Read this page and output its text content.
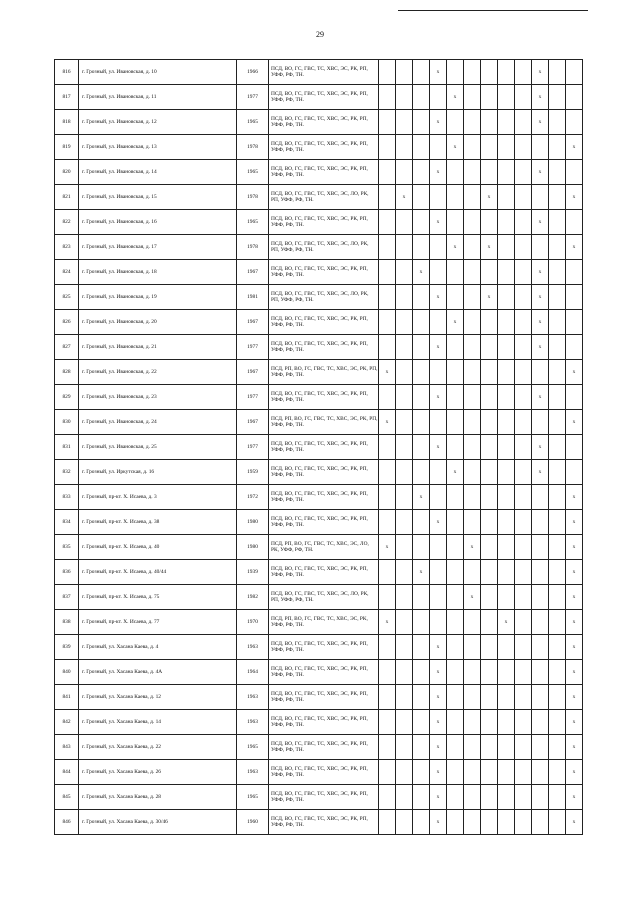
29
816	г. Грозный, ул. Ивановская, д. 10	1966	ПСД, ВО, ГС, ГВС, ТС, ХВС, ЭС, РК, РП, УФФ, РФ, ТН.				x						x		
817	г. Грозный, ул. Ивановская, д. 11	1977	ПСД, ВО, ГС, ГВС, ТС, ХВС, ЭС, РК, РП, УФФ, РФ, ТН.					x					x		
818	г. Грозный, ул. Ивановская, д. 12	1965	ПСД, ВО, ГС, ГВС, ТС, ХВС, ЭС, РК, РП, УФФ, РФ, ТН.				x						x		
819	г. Грозный, ул. Ивановская, д. 13	1978	ПСД, ВО, ГС, ГВС, ТС, ХВС, ЭС, РК, РП, УФФ, РФ, ТН.					x							x
820	г. Грозный, ул. Ивановская, д. 14	1965	ПСД, ВО, ГС, ГВС, ТС, ХВС, ЭС, РК, РП, УФФ, РФ, ТН.				x						x		
821	г. Грозный, ул. Ивановская, д. 15	1978	ПСД, ВО, ГС, ГВС, ТС, ХВС, ЭС, ЛО, РК, РП, УФФ, РФ, ТН.		x					x					x
822	г. Грозный, ул. Ивановская, д. 16	1965	ПСД, ВО, ГС, ГВС, ТС, ХВС, ЭС, РК, РП, УФФ, РФ, ТН.				x						x		
823	г. Грозный, ул. Ивановская, д. 17	1978	ПСД, ВО, ГС, ГВС, ТС, ХВС, ЭС, ЛО, РК, РП, УФФ, РФ, ТН.					x		x					x
824	г. Грозный, ул. Ивановская, д. 18	1967	ПСД, ВО, ГС, ГВС, ТС, ХВС, ЭС, РК, РП, УФФ, РФ, ТН.			x							x		
825	г. Грозный, ул. Ивановская, д. 19	1981	ПСД, ВО, ГС, ГВС, ТС, ХВС, ЭС, ЛО, РК, РП, УФФ, РФ, ТН.				x			x			x		
826	г. Грозный, ул. Ивановская, д. 20	1967	ПСД, ВО, ГС, ГВС, ТС, ХВС, ЭС, РК, РП, УФФ, РФ, ТН.					x					x		
827	г. Грозный, ул. Ивановская, д. 21	1977	ПСД, ВО, ГС, ГВС, ТС, ХВС, ЭС, РК, РП, УФФ, РФ, ТН.				x						x		
828	г. Грозный, ул. Ивановская, д. 22	1967	ПСД, РП, ВО, ГС, ГВС, ТС, ХВС, ЭС, РК, РП, УФФ, РФ, ТН.	x											x
829	г. Грозный, ул. Ивановская, д. 23	1977	ПСД, ВО, ГС, ГВС, ТС, ХВС, ЭС, РК, РП, УФФ, РФ, ТН.				x						x		
830	г. Грозный, ул. Ивановская, д. 24	1967	ПСД, РП, ВО, ГС, ГВС, ТС, ХВС, ЭС, РК, РП, УФФ, РФ, ТН.	x											x
831	г. Грозный, ул. Ивановская, д. 25	1977	ПСД, ВО, ГС, ГВС, ТС, ХВС, ЭС, РК, РП, УФФ, РФ, ТН.				x						x		
832	г. Грозный, ул. Иркутская, д. 16	1959	ПСД, ВО, ГС, ГВС, ТС, ХВС, ЭС, РК, РП, УФФ, РФ, ТН.					x					x		
833	г. Грозный, пр-кт. Х. Исаева, д. 3	1972	ПСД, ВО, ГС, ГВС, ТС, ХВС, ЭС, РК, РП, УФФ, РФ, ТН.			x									x
834	г. Грозный, пр-кт. Х. Исаева, д. 38	1980	ПСД, ВО, ГС, ГВС, ТС, ХВС, ЭС, РК, РП, УФФ, РФ, ТН.				x								x
835	г. Грозный, пр-кт. Х. Исаева, д. 40	1980	ПСД, РП, ВО, ГС, ГВС, ТС, ХВС, ЭС, ЛО, РК, УФФ, РФ, ТН.	x					x						x
836	г. Грозный, пр-кт. Х. Исаева, д. 40/44	1939	ПСД, ВО, ГС, ГВС, ТС, ХВС, ЭС, РК, РП, УФФ, РФ, ТН.			x									x
837	г. Грозный, пр-кт. Х. Исаева, д. 75	1982	ПСД, ВО, ГС, ГВС, ТС, ХВС, ЭС, ЛО, РК, РП, УФФ, РФ, ТН.						x						x
838	г. Грозный, пр-кт. Х. Исаева, д. 77	1970	ПСД, РП, ВО, ГС, ГВС, ТС, ХВС, ЭС, РК, УФФ, РФ, ТН.	x							x				x
839	г. Грозный, ул. Хасана Каева, д. 4	1963	ПСД, ВО, ГС, ГВС, ТС, ХВС, ЭС, РК, РП, УФФ, РФ, ТН.				x								x
840	г. Грозный, ул. Хасана Каева, д. 4А	1964	ПСД, ВО, ГС, ГВС, ТС, ХВС, ЭС, РК, РП, УФФ, РФ, ТН.				x								x
841	г. Грозный, ул. Хасана Каева, д. 12	1963	ПСД, ВО, ГС, ГВС, ТС, ХВС, ЭС, РК, РП, УФФ, РФ, ТН.				x								x
842	г. Грозный, ул. Хасана Каева, д. 14	1963	ПСД, ВО, ГС, ГВС, ТС, ХВС, ЭС, РК, РП, УФФ, РФ, ТН.				x								x
843	г. Грозный, ул. Хасана Каева, д. 22	1965	ПСД, ВО, ГС, ГВС, ТС, ХВС, ЭС, РК, РП, УФФ, РФ, ТН.				x								x
844	г. Грозный, ул. Хасана Каева, д. 26	1963	ПСД, ВО, ГС, ГВС, ТС, ХВС, ЭС, РК, РП, УФФ, РФ, ТН.				x								x
845	г. Грозный, ул. Хасана Каева, д. 28	1965	ПСД, ВО, ГС, ГВС, ТС, ХВС, ЭС, РК, РП, УФФ, РФ, ТН.				x								x
846	г. Грозный, ул. Хасана Каева, д. 30/46	1960	ПСД, ВО, ГС, ГВС, ТС, ХВС, ЭС, РК, РП, УФФ, РФ, ТН.				x								x
